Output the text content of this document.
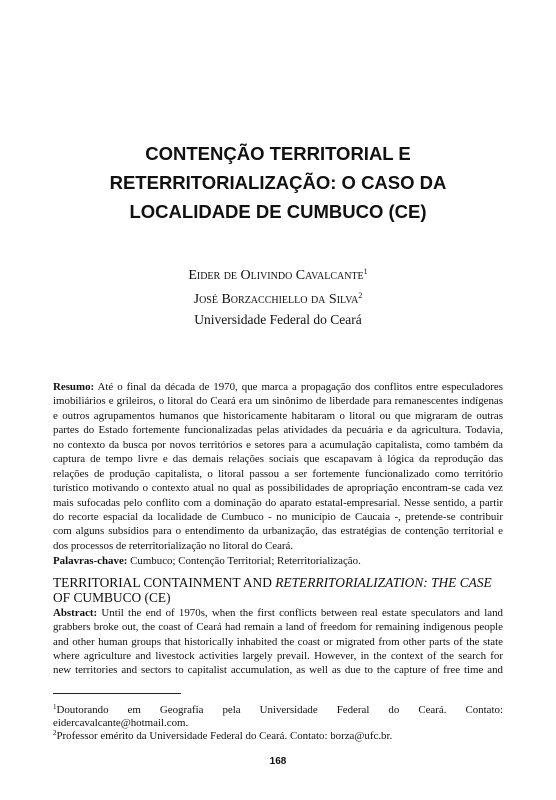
CONTENÇÃO TERRITORIAL E
RETERRITORIALIZAÇÃO: O CASO DA
LOCALIDADE DE CUMBUCO (CE)
Eider de Olivindo Cavalcante$^1$
José Borzacchiello da Silva$^2$
Universidade Federal do Ceará
Resumo: Até o final da década de 1970, que marca a propagação dos conflitos entre especuladores
imobiliários e grileiros, o litoral do Ceará era um sinônimo de liberdade para remanescentes indígenas
e outros agrupamentos humanos que historicamente habitaram o litoral ou que migraram de outras
partes do Estado fortemente funcionalizadas pelas atividades da pecuária e da agricultura. Todavia,
no contexto da busca por novos territórios e setores para a acumulação capitalista, como também da
captura de tempo livre e das demais relações sociais que escapavam à lógica da reprodução das
relações de produção capitalista, o litoral passou a ser fortemente funcionalizado como território
turístico motivando o contexto atual no qual as possibilidades de apropriação encontram-se cada vez
mais sufocadas pelo conflito com a dominação do aparato estatal-empresarial. Nesse sentido, a partir
do recorte espacial da localidade de Cumbuco - no município de Caucaia -, pretende-se contribuir
com alguns subsídios para o entendimento da urbanização, das estratégias de contenção territorial e
dos processos de reterritorialização no litoral do Ceará.
Palavras-chave: Cumbuco; Contenção Territorial; Reterritorialização.
TERRITORIAL CONTAINMENT AND RETERRITORIALIZATION: THE CASE
OF CUMBUCO (CE)
Abstract: Until the end of 1970s, when the first conflicts between real estate speculators and land
grabbers broke out, the coast of Ceará had remain a land of freedom for remaining indigenous people
and other human groups that historically inhabited the coast or migrated from other parts of the state
where agriculture and livestock activities largely prevail. However, in the context of the search for
new territories and sectors to capitalist accumulation, as well as due to the capture of free time and
$^1$Doutorando em Geografia pela Universidade Federal do Ceará. Contato:
eidercavalcante@hotmail.com.
$^2$Professor emérito da Universidade Federal do Ceará. Contato: borza@ufc.br.
168
